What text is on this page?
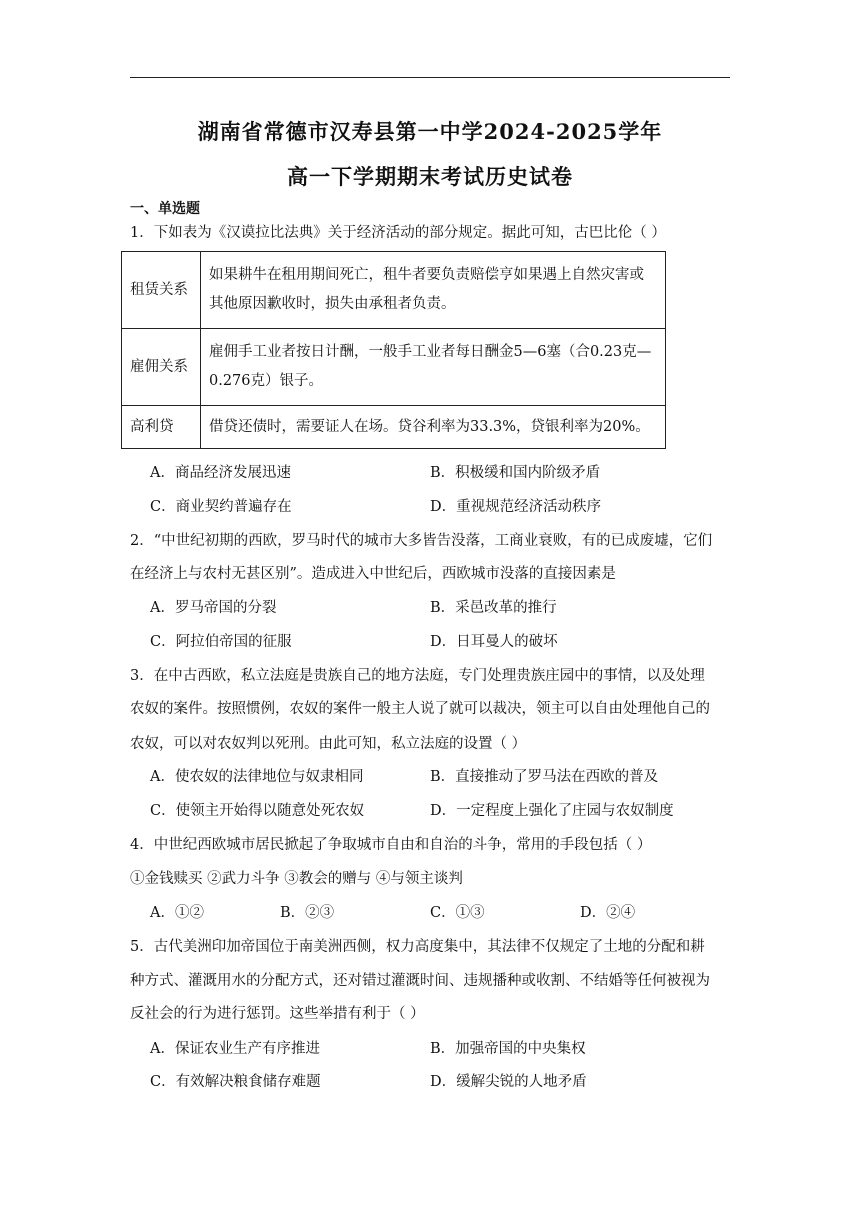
湖南省常德市汉寿县第一中学2024-2025学年
高一下学期期末考试历史试卷
一、单选题
1．下如表为《汉谟拉比法典》关于经济活动的部分规定。据此可知，古巴比伦（ ）
租赁关系	如果耕牛在租用期间死亡，租牛者要负责赔偿亨如果遇上自然灾害或其他原因歉收时，损失由承租者负责。
雇佣关系	雇佣手工业者按日计酬，一般手工业者每日酬金5—6塞（合0.23克—0.276克）银子。
高利贷	借贷还债时，需要证人在场。贷谷利率为33.3%，贷银利率为20%。
A．商品经济发展迅速	B．积极缓和国内阶级矛盾
C．商业契约普遍存在	D．重视规范经济活动秩序
2．“中世纪初期的西欧，罗马时代的城市大多皆告没落，工商业衰败，有的已成废墟，它们
在经济上与农村无甚区别”。造成进入中世纪后，西欧城市没落的直接因素是
A．罗马帝国的分裂	B．采邑改革的推行
C．阿拉伯帝国的征服	D．日耳曼人的破坏
3．在中古西欧，私立法庭是贵族自己的地方法庭，专门处理贵族庄园中的事情，以及处理
农奴的案件。按照惯例，农奴的案件一般主人说了就可以裁决，领主可以自由处理他自己的
农奴，可以对农奴判以死刑。由此可知，私立法庭的设置（ ）
A．使农奴的法律地位与奴隶相同	B．直接推动了罗马法在西欧的普及
C．使领主开始得以随意处死农奴	D．一定程度上强化了庄园与农奴制度
4．中世纪西欧城市居民掀起了争取城市自由和自治的斗争，常用的手段包括（ ）
①金钱赎买 ②武力斗争 ③教会的赠与 ④与领主谈判
A．①②	B．②③	C．①③	D．②④
5．古代美洲印加帝国位于南美洲西侧，权力高度集中，其法律不仅规定了土地的分配和耕
种方式、灌溉用水的分配方式，还对错过灌溉时间、违规播种或收割、不结婚等任何被视为
反社会的行为进行惩罚。这些举措有利于（ ）
A．保证农业生产有序推进	B．加强帝国的中央集权
C．有效解决粮食储存难题	D．缓解尖锐的人地矛盾
